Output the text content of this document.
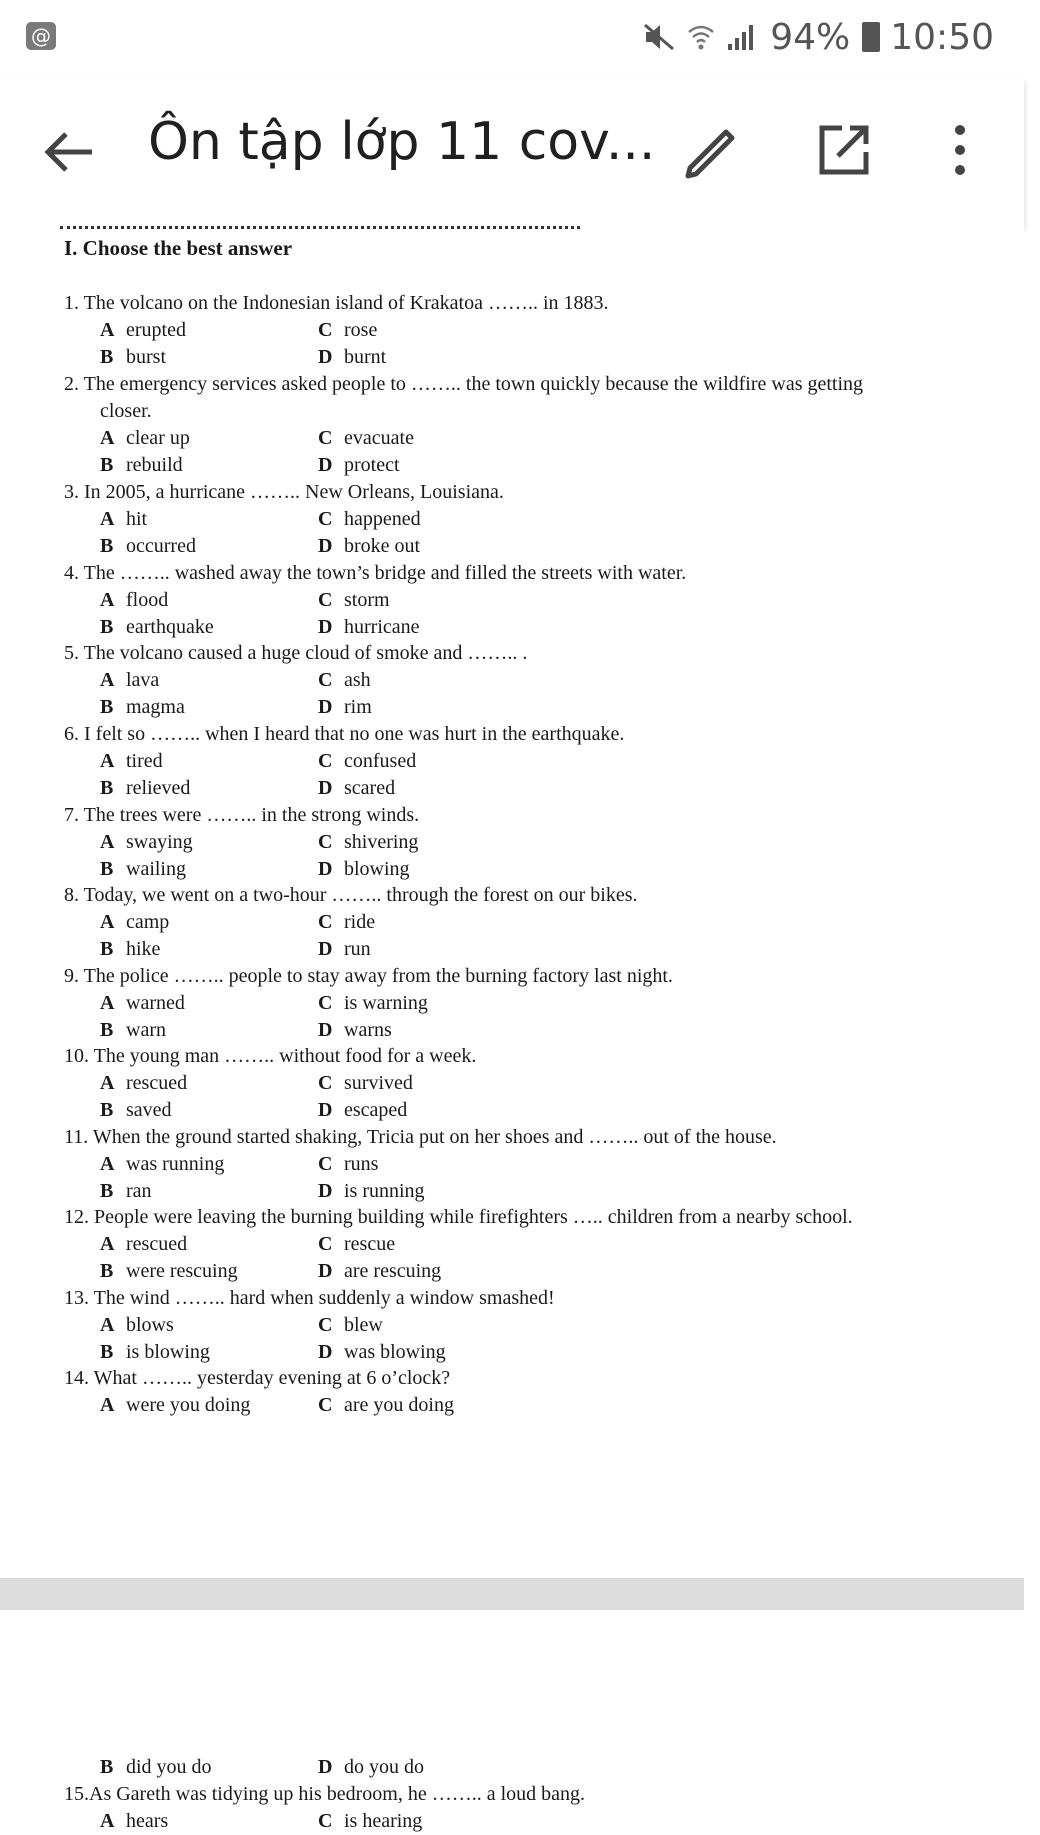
@	94% 10:50
Ôn tập lớp 11 cov...
I. Choose the best answer
1. The volcano on the Indonesian island of Krakatoa …….. in 1883.
A erupted	C rose
B burst	D burnt
2. The emergency services asked people to …….. the town quickly because the wildfire was getting
closer.
A clear up	C evacuate
B rebuild	D protect
3. In 2005, a hurricane …….. New Orleans, Louisiana.
A hit	C happened
B occurred	D broke out
4. The …….. washed away the town’s bridge and filled the streets with water.
A flood	C storm
B earthquake	D hurricane
5. The volcano caused a huge cloud of smoke and …….. .
A lava	C ash
B magma	D rim
6. I felt so …….. when I heard that no one was hurt in the earthquake.
A tired	C confused
B relieved	D scared
7. The trees were …….. in the strong winds.
A swaying	C shivering
B wailing	D blowing
8. Today, we went on a two-hour …….. through the forest on our bikes.
A camp	C ride
B hike	D run
9. The police …….. people to stay away from the burning factory last night.
A warned	C is warning
B warn	D warns
10. The young man …….. without food for a week.
A rescued	C survived
B saved	D escaped
11. When the ground started shaking, Tricia put on her shoes and …….. out of the house.
A was running	C runs
B ran	D is running
12. People were leaving the burning building while firefighters ….. children from a nearby school.
A rescued	C rescue
B were rescuing	D are rescuing
13. The wind …….. hard when suddenly a window smashed!
A blows	C blew
B is blowing	D was blowing
14. What …….. yesterday evening at 6 o’clock?
A were you doing	C are you doing
B did you do	D do you do
15.As Gareth was tidying up his bedroom, he …….. a loud bang.
A hears	C is hearing
